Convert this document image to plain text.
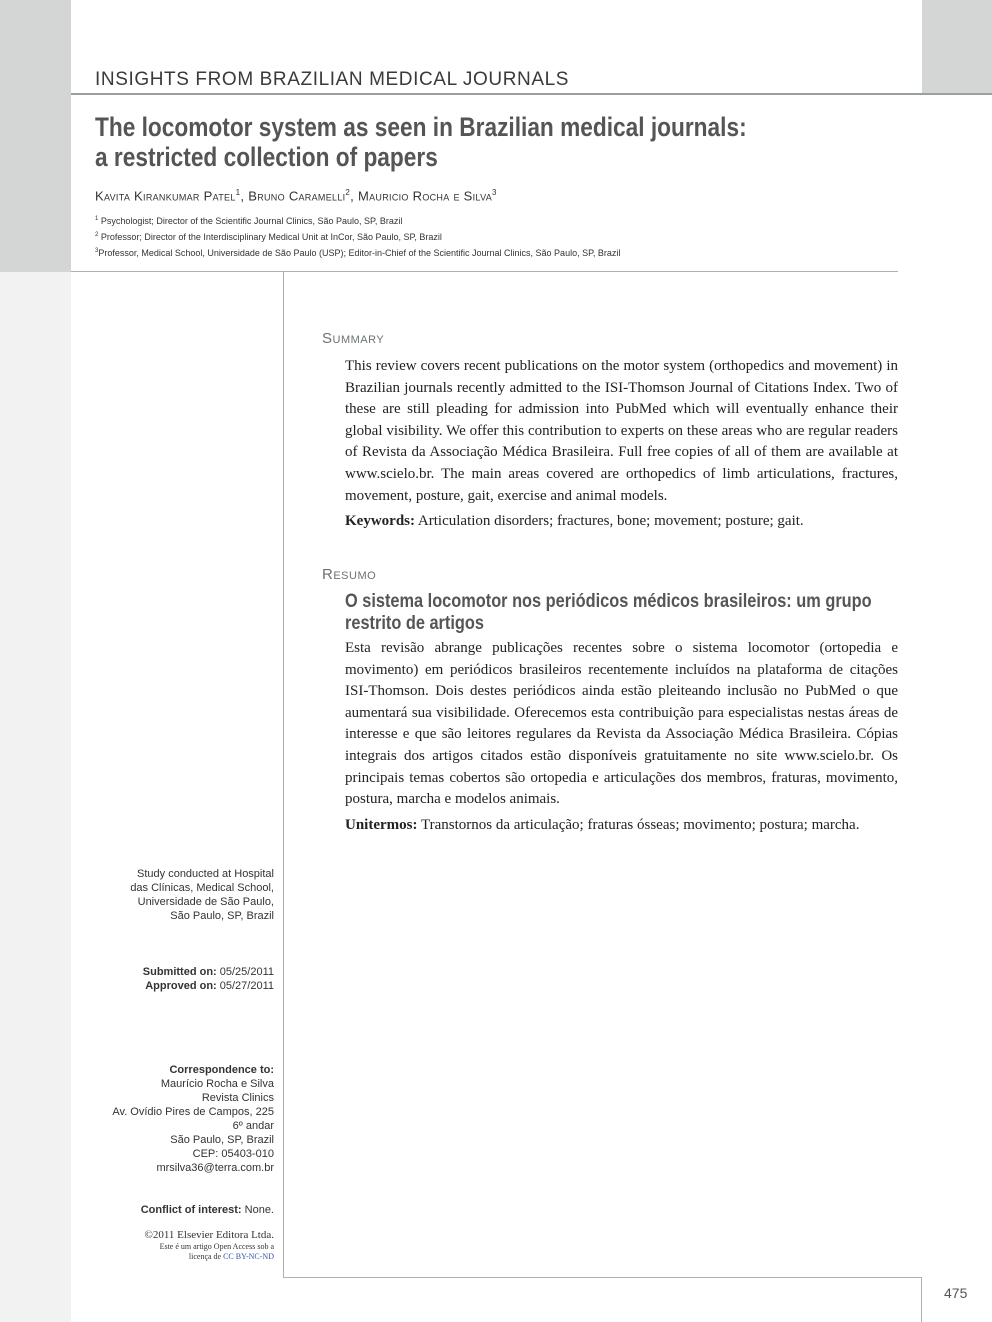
INSIGHTS FROM BRAZILIAN MEDICAL JOURNALS
The locomotor system as seen in Brazilian medical journals:
a restricted collection of papers
Kavita Kirankumar Patel$^1$, Bruno Caramelli$^2$, Mauricio Rocha e Silva$^3$
$^1$ Psychologist; Director of the Scientific Journal Clinics, São Paulo, SP, Brazil
$^2$ Professor; Director of the Interdisciplinary Medical Unit at InCor, São Paulo, SP, Brazil
$^3$Professor, Medical School, Universidade de São Paulo (USP); Editor-in-Chief of the Scientific Journal Clinics, São Paulo, SP, Brazil
Summary
This review covers recent publications on the motor system (orthopedics and movement) in Brazilian journals recently admitted to the ISI-Thomson Journal of Citations Index. Two of these are still pleading for admission into PubMed which will eventually enhance their global visibility. We offer this contribution to experts on these areas who are regular readers of Revista da Associação Médica Brasileira. Full free copies of all of them are available at www.scielo.br. The main areas covered are orthopedics of limb articulations, fractures, movement, posture, gait, exercise and animal models.
Keywords: Articulation disorders; fractures, bone; movement; posture; gait.
Resumo
O sistema locomotor nos periódicos médicos brasileiros: um grupo
restrito de artigos
Esta revisão abrange publicações recentes sobre o sistema locomotor (ortopedia e movimento) em periódicos brasileiros recentemente incluídos na plataforma de citações ISI-Thomson. Dois destes periódicos ainda estão pleiteando inclusão no PubMed o que aumentará sua visibilidade. Oferecemos esta contribuição para especialistas nestas áreas de interesse e que são leitores regulares da Revista da Associação Médica Brasileira. Cópias integrais dos artigos citados estão disponíveis gratuitamente no site www.scielo.br. Os principais temas cobertos são ortopedia e articulações dos membros, fraturas, movimento, postura, marcha e modelos animais.
Unitermos: Transtornos da articulação; fraturas ósseas; movimento; postura; marcha.
Study conducted at Hospital
das Clínicas, Medical School,
Universidade de São Paulo,
São Paulo, SP, Brazil
Submitted on: 05/25/2011
Approved on: 05/27/2011
Correspondence to:
Maurício Rocha e Silva
Revista Clinics
Av. Ovídio Pires de Campos, 225
6º andar
São Paulo, SP, Brazil
CEP: 05403-010
mrsilva36@terra.com.br
Conflict of interest: None.
©2011 Elsevier Editora Ltda.
Este é um artigo Open Access sob a
licença de CC BY-NC-ND
475
